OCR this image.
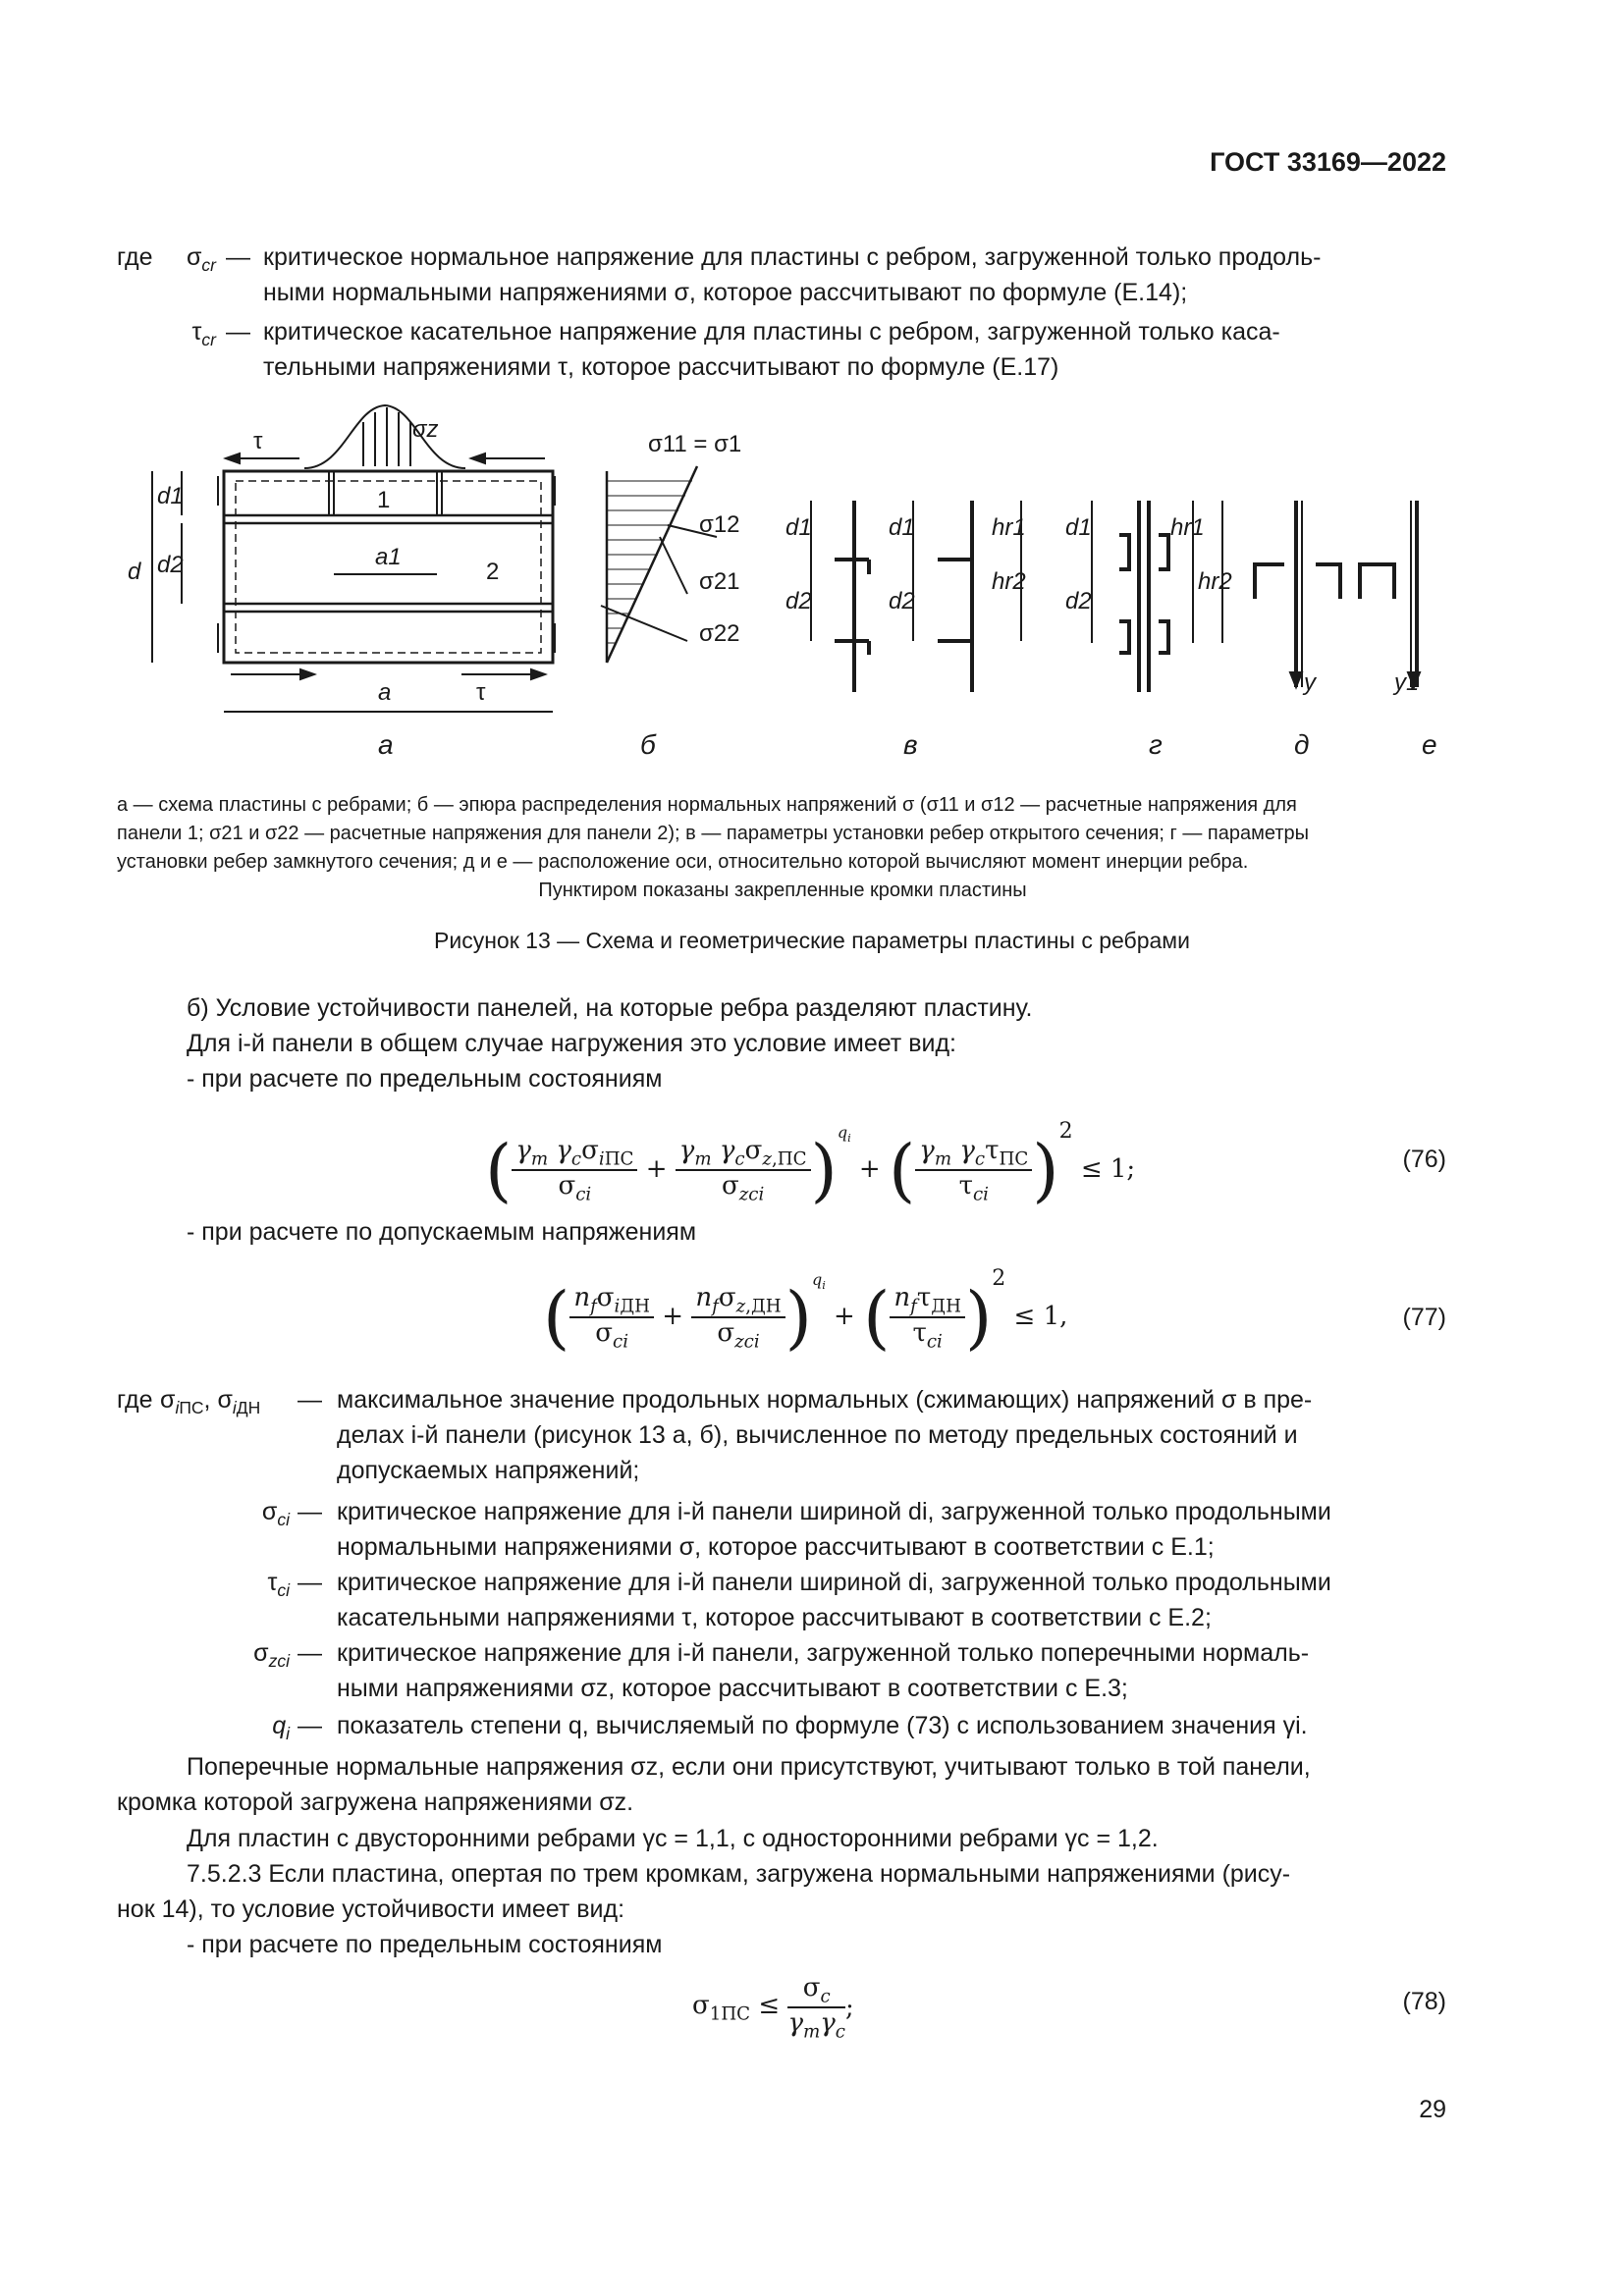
ГОСТ 33169—2022
где	$\sigma_{cr}$ — критическое нормальное напряжение для пластины с ребром, загруженной только продоль-
ными нормальными напряжениями σ, которое рассчитывают по формуле (Е.14);
$\tau_{cr}$ — критическое касательное напряжение для пластины с ребром, загруженной только каса-
тельными напряжениями τ, которое рассчитывают по формуле (Е.17)
τ	σz
1
2
d
d1
d2
a
a1
τ
σ11 = σ1
σ12
σ21
σ22
d1
d2
d1
d2
hr1
hr2
d1
d2
hr1
hr2
y	y1
а	б	в	г	д	е
а — схема пластины с ребрами; б — эпюра распределения нормальных напряжений σ (σ11 и σ12 — расчетные напряжения для
панели 1; σ21 и σ22 — расчетные напряжения для панели 2); в — параметры установки ребер открытого сечения; г — параметры
установки ребер замкнутого сечения; д и е — расположение оси, относительно которой вычисляют момент инерции ребра.
Пунктиром показаны закрепленные кромки пластины
Рисунок 13 — Схема и геометрические параметры пластины с ребрами
б) Условие устойчивости панелей, на которые ребра разделяют пластину.
Для i-й панели в общем случае нагружения это условие имеет вид:
- при расчете по предельным состояниям
( $\gamma_m$ $\gamma_c\sigma_{iПС}$
$\sigma_{ci}$
+
$\gamma_m$ $\gamma_c\sigma_{z,ПС}$
$\sigma_{zci}$ )$^{q_i}$ + ( $\gamma_m$ $\gamma_c\tau_{ПС}$
$\tau_{ci}$ )$^2$ ≤ 1;	(76)
- при расчете по допускаемым напряжениям
( $n_f\sigma_{iДН}$
$\sigma_{ci}$
+
$n_f\sigma_{z,ДН}$
$\sigma_{zci}$ )$^{q_i}$ + ( $n_f\tau_{ДН}$
$\tau_{ci}$ )$^2$ ≤ 1,	(77)
где $\sigma_{iПС}$, $\sigma_{iДН}$ — максимальное значение продольных нормальных (сжимающих) напряжений σ в пре-
делах i-й панели (рисунок 13 а, б), вычисленное по методу предельных состояний и
допускаемых напряжений;
$\sigma_{ci}$ — критическое напряжение для i-й панели шириной di, загруженной только продольными
нормальными напряжениями σ, которое рассчитывают в соответствии с Е.1;
$\tau_{ci}$ — критическое напряжение для i-й панели шириной di, загруженной только продольными
касательными напряжениями τ, которое рассчитывают в соответствии с Е.2;
$\sigma_{zci}$ — критическое напряжение для i-й панели, загруженной только поперечными нормаль-
ными напряжениями σz, которое рассчитывают в соответствии с Е.3;
$q_i$ — показатель степени q, вычисляемый по формуле (73) с использованием значения γi.
Поперечные нормальные напряжения σz, если они присутствуют, учитывают только в той панели,
кромка которой загружена напряжениями σz.
Для пластин с двусторонними ребрами γc = 1,1, с односторонними ребрами γc = 1,2.
7.5.2.3 Если пластина, опертая по трем кромкам, загружена нормальными напряжениями (рису-
нок 14), то условие устойчивости имеет вид:
- при расчете по предельным состояниям
$\sigma_{1ПС}$ ≤
$\sigma_c$
$\gamma_m\gamma_c$
;	(78)
29
